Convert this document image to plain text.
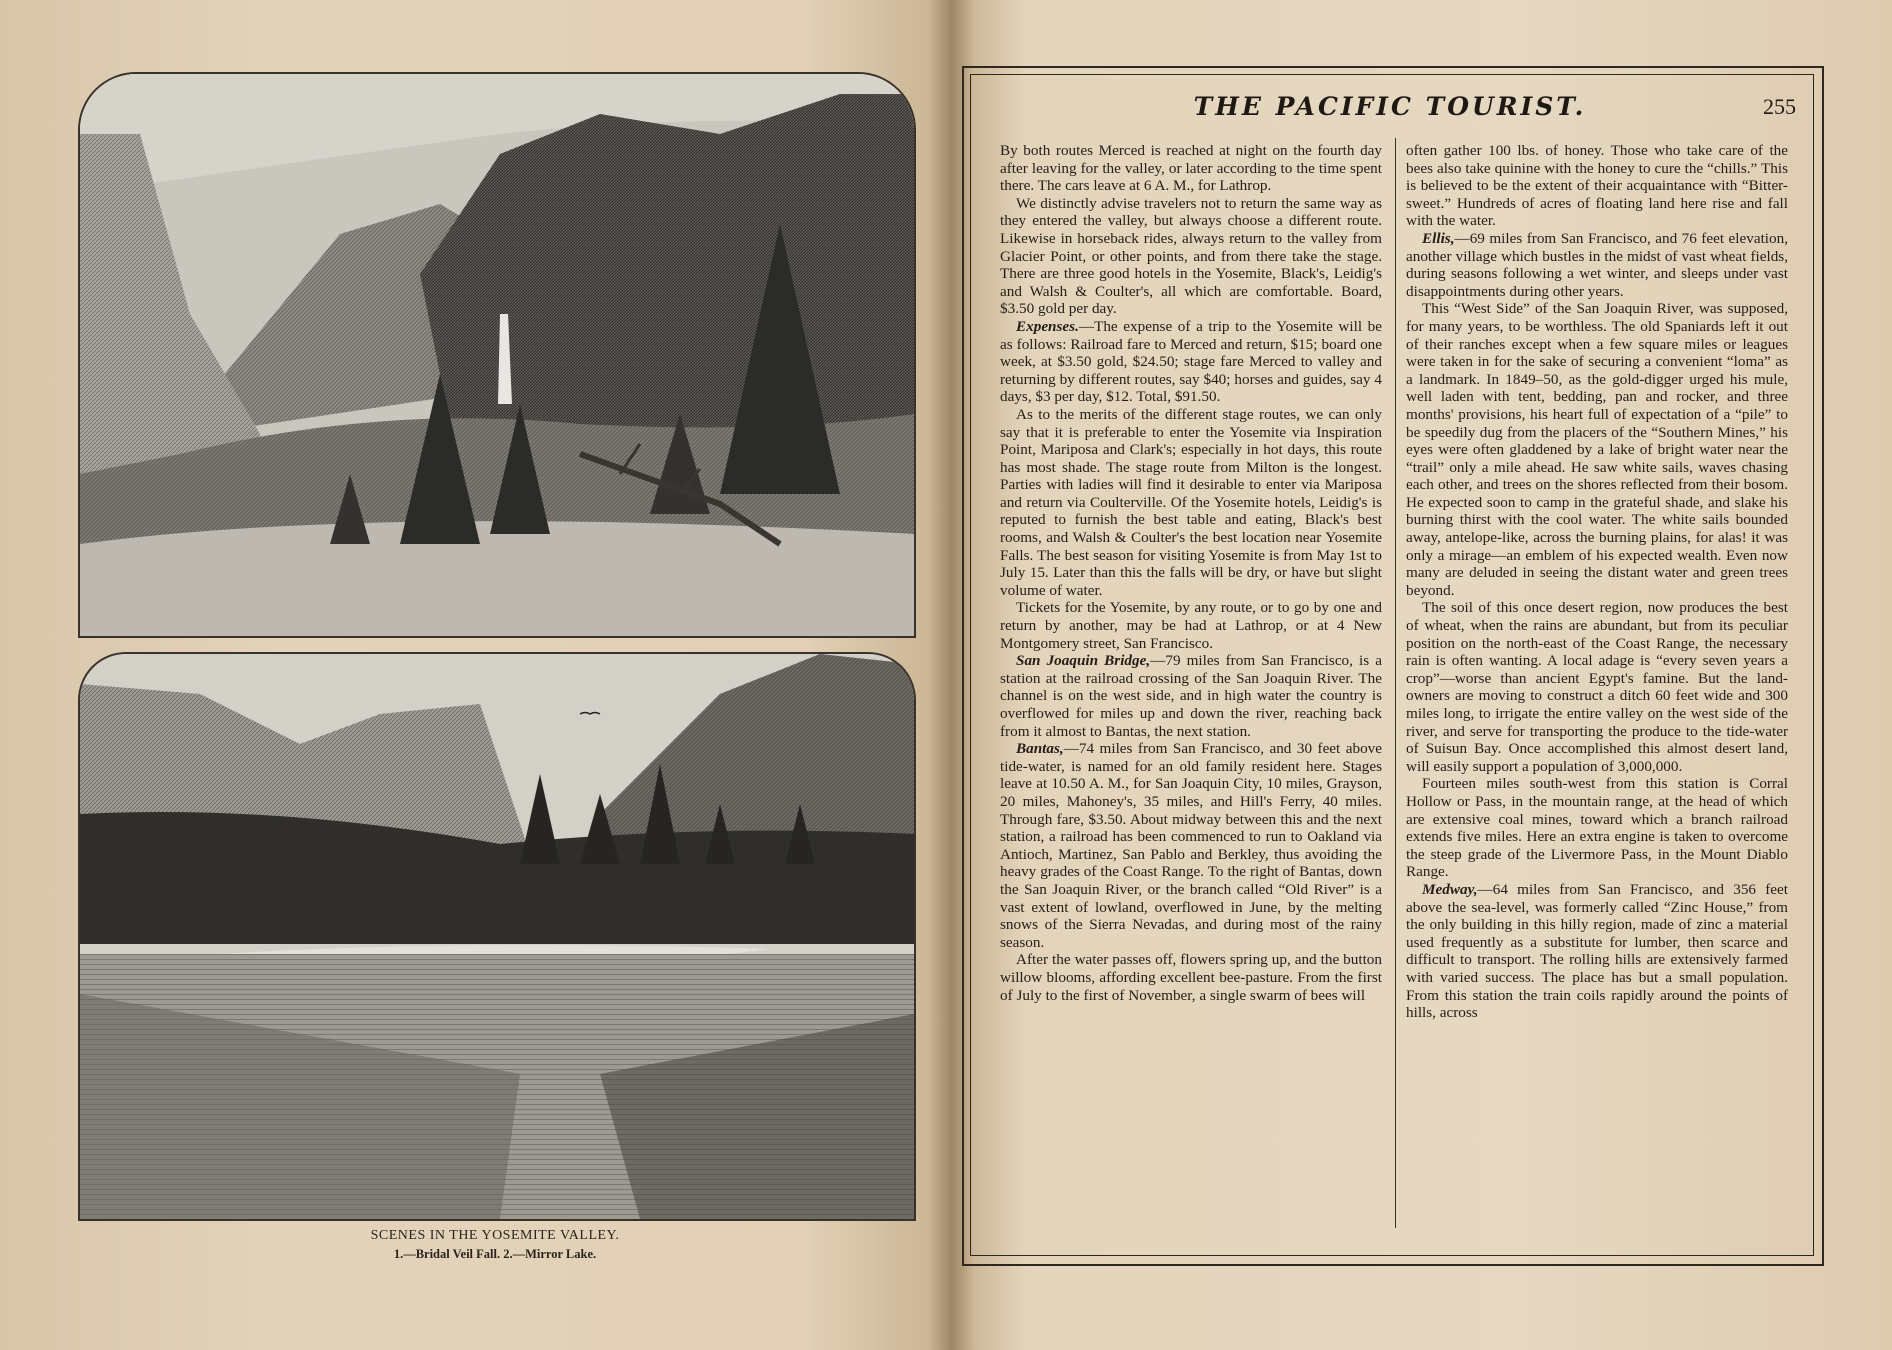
SCENES IN THE YOSEMITE VALLEY.
1.—Bridal Veil Fall. 2.—Mirror Lake.
THE PACIFIC TOURIST.	255

By both routes Merced is reached at night on the fourth day after leaving for the valley, or later according to the time spent there. The cars leave at 6 A. M., for Lathrop.

We distinctly advise travelers not to return the same way as they entered the valley, but always choose a different route. Likewise in horseback rides, always return to the valley from Glacier Point, or other points, and from there take the stage. There are three good hotels in the Yosemite, Black's, Leidig's and Walsh & Coulter's, all which are comfortable. Board, $3.50 gold per day.

Expenses.—The expense of a trip to the Yosemite will be as follows: Railroad fare to Merced and return, $15; board one week, at $3.50 gold, $24.50; stage fare Merced to valley and returning by different routes, say $40; horses and guides, say 4 days, $3 per day, $12. Total, $91.50.

As to the merits of the different stage routes, we can only say that it is preferable to enter the Yosemite via Inspiration Point, Mariposa and Clark's; especially in hot days, this route has most shade. The stage route from Milton is the longest. Parties with ladies will find it desirable to enter via Mariposa and return via Coulterville. Of the Yosemite hotels, Leidig's is reputed to furnish the best table and eating, Black's best rooms, and Walsh & Coulter's the best location near Yosemite Falls. The best season for visiting Yosemite is from May 1st to July 15. Later than this the falls will be dry, or have but slight volume of water.

Tickets for the Yosemite, by any route, or to go by one and return by another, may be had at Lathrop, or at 4 New Montgomery street, San Francisco.

San Joaquin Bridge,—79 miles from San Francisco, is a station at the railroad crossing of the San Joaquin River. The channel is on the west side, and in high water the country is overflowed for miles up and down the river, reaching back from it almost to Bantas, the next station.

Bantas,—74 miles from San Francisco, and 30 feet above tide-water, is named for an old family resident here. Stages leave at 10.50 A. M., for San Joaquin City, 10 miles, Grayson, 20 miles, Mahoney's, 35 miles, and Hill's Ferry, 40 miles. Through fare, $3.50. About midway between this and the next station, a railroad has been commenced to run to Oakland via Antioch, Martinez, San Pablo and Berkley, thus avoiding the heavy grades of the Coast Range. To the right of Bantas, down the San Joaquin River, or the branch called “Old River” is a vast extent of lowland, overflowed in June, by the melting snows of the Sierra Nevadas, and during most of the rainy season.

After the water passes off, flowers spring up, and the button willow blooms, affording excellent bee-pasture. From the first of July to the first of November, a single swarm of bees will

often gather 100 lbs. of honey. Those who take care of the bees also take quinine with the honey to cure the “chills.” This is believed to be the extent of their acquaintance with “Bitter-sweet.” Hundreds of acres of floating land here rise and fall with the water.

Ellis,—69 miles from San Francisco, and 76 feet elevation, another village which bustles in the midst of vast wheat fields, during seasons following a wet winter, and sleeps under vast disappointments during other years.

This “West Side” of the San Joaquin River, was supposed, for many years, to be worthless. The old Spaniards left it out of their ranches except when a few square miles or leagues were taken in for the sake of securing a convenient “loma” as a landmark. In 1849–50, as the gold-digger urged his mule, well laden with tent, bedding, pan and rocker, and three months' provisions, his heart full of expectation of a “pile” to be speedily dug from the placers of the “Southern Mines,” his eyes were often gladdened by a lake of bright water near the “trail” only a mile ahead. He saw white sails, waves chasing each other, and trees on the shores reflected from their bosom. He expected soon to camp in the grateful shade, and slake his burning thirst with the cool water. The white sails bounded away, antelope-like, across the burning plains, for alas! it was only a mirage—an emblem of his expected wealth. Even now many are deluded in seeing the distant water and green trees beyond.

The soil of this once desert region, now produces the best of wheat, when the rains are abundant, but from its peculiar position on the north-east of the Coast Range, the necessary rain is often wanting. A local adage is “every seven years a crop”—worse than ancient Egypt's famine. But the land-owners are moving to construct a ditch 60 feet wide and 300 miles long, to irrigate the entire valley on the west side of the river, and serve for transporting the produce to the tide-water of Suisun Bay. Once accomplished this almost desert land, will easily support a population of 3,000,000.

Fourteen miles south-west from this station is Corral Hollow or Pass, in the mountain range, at the head of which are extensive coal mines, toward which a branch railroad extends five miles. Here an extra engine is taken to overcome the steep grade of the Livermore Pass, in the Mount Diablo Range.

Medway,—64 miles from San Francisco, and 356 feet above the sea-level, was formerly called “Zinc House,” from the only building in this hilly region, made of zinc a material used frequently as a substitute for lumber, then scarce and difficult to transport. The rolling hills are extensively farmed with varied success. The place has but a small population. From this station the train coils rapidly around the points of hills, across
